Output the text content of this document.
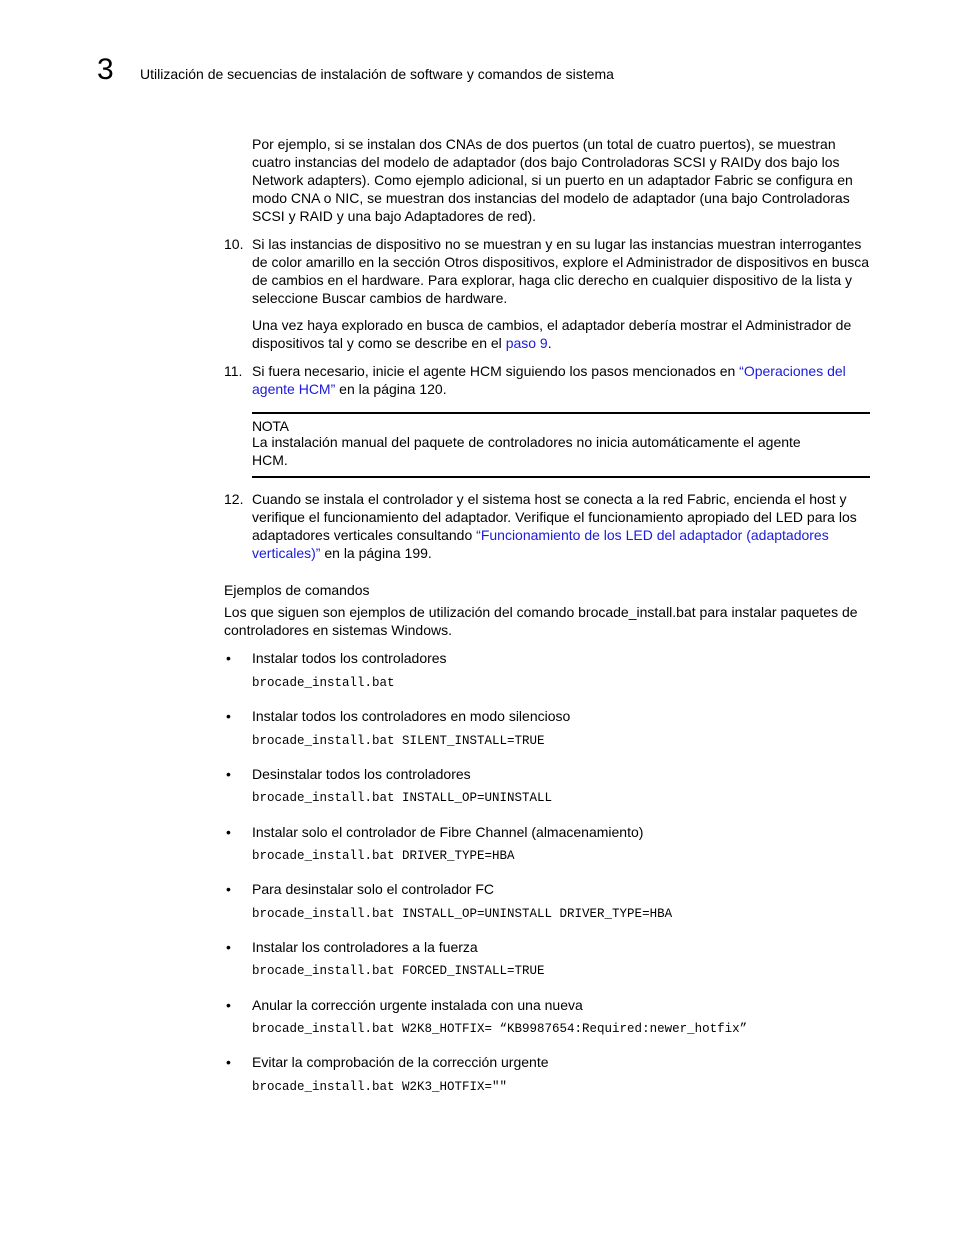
3 Utilización de secuencias de instalación de software y comandos de sistema

Por ejemplo, si se instalan dos CNAs de dos puertos (un total de cuatro puertos), se muestran cuatro instancias del modelo de adaptador (dos bajo Controladoras SCSI y RAIDy dos bajo los Network adapters). Como ejemplo adicional, si un puerto en un adaptador Fabric se configura en modo CNA o NIC, se muestran dos instancias del modelo de adaptador (una bajo Controladoras SCSI y RAID y una bajo Adaptadores de red).

10. Si las instancias de dispositivo no se muestran y en su lugar las instancias muestran interrogantes de color amarillo en la sección Otros dispositivos, explore el Administrador de dispositivos en busca de cambios en el hardware. Para explorar, haga clic derecho en cualquier dispositivo de la lista y seleccione Buscar cambios de hardware.

Una vez haya explorado en busca de cambios, el adaptador debería mostrar el Administrador de dispositivos tal y como se describe en el paso 9.

11. Si fuera necesario, inicie el agente HCM siguiendo los pasos mencionados en “Operaciones del agente HCM” en la página 120.

NOTA

La instalación manual del paquete de controladores no inicia automáticamente el agente HCM.

12. Cuando se instala el controlador y el sistema host se conecta a la red Fabric, encienda el host y verifique el funcionamiento del adaptador. Verifique el funcionamiento apropiado del LED para los adaptadores verticales consultando “Funcionamiento de los LED del adaptador (adaptadores verticales)” en la página 199.

Ejemplos de comandos

Los que siguen son ejemplos de utilización del comando brocade_install.bat para instalar paquetes de controladores en sistemas Windows.

• Instalar todos los controladores
brocade_install.bat
• Instalar todos los controladores en modo silencioso
brocade_install.bat SILENT_INSTALL=TRUE
• Desinstalar todos los controladores
brocade_install.bat INSTALL_OP=UNINSTALL
• Instalar solo el controlador de Fibre Channel (almacenamiento)
brocade_install.bat DRIVER_TYPE=HBA
• Para desinstalar solo el controlador FC
brocade_install.bat INSTALL_OP=UNINSTALL DRIVER_TYPE=HBA
• Instalar los controladores a la fuerza
brocade_install.bat FORCED_INSTALL=TRUE
• Anular la corrección urgente instalada con una nueva
brocade_install.bat W2K8_HOTFIX= “KB9987654:Required:newer_hotfix”
• Evitar la comprobación de la corrección urgente
brocade_install.bat W2K3_HOTFIX=""
